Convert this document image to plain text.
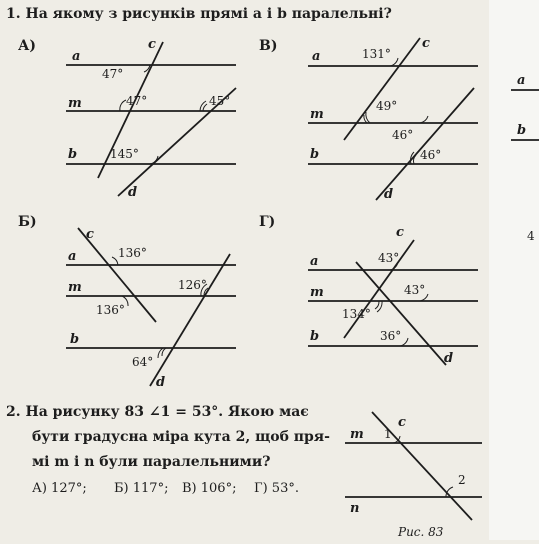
1. На якому з рисунків прямі a і b паралельні?
А)	В)
Б)	Г)
a
m
b
c
d
47°
47°	45°
145°
a
m
b
c
d
131°
49°
46°
46°
a
m
b
c
d
136°
126°
136°
64°
a
m
b
c
d
43°
43°
134°
36°
c
m
n
1
2
Рис. 83
2. На рисунку 83 ∠1 = 53°. Якою має
бути градусна міра кута 2, щоб пря-
мі m і n були паралельними?
А) 127°; Б) 117°; В) 106°; Г) 53°.
a
b
4
